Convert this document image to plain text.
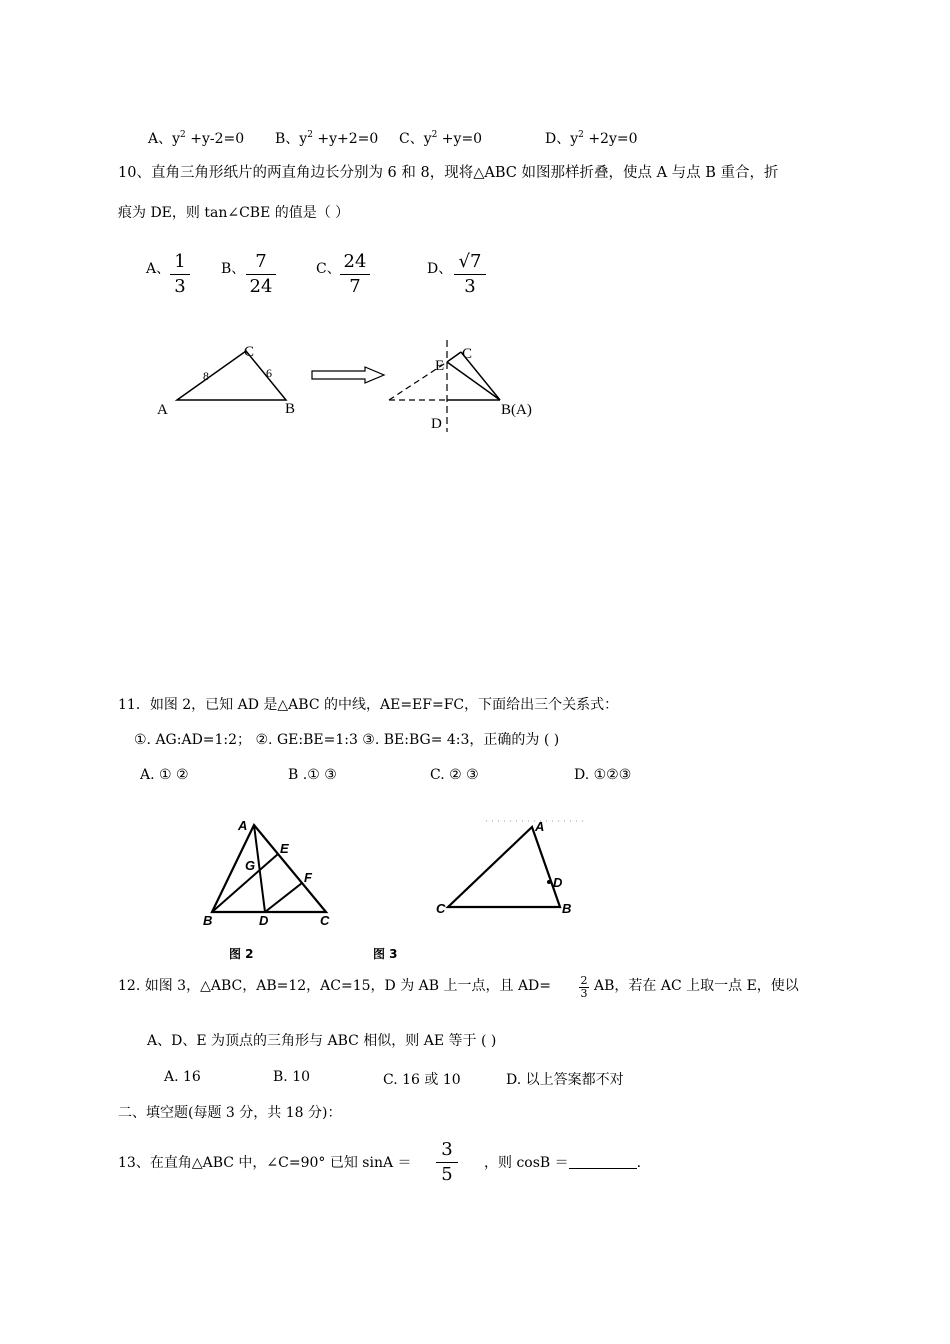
A、$y^2 +y-2=0$ B、$y^2 +y+2=0$ C、$y^2 +y=0$	D、$y^2 +2y=0$
10、直角三角形纸片的两直角边长分别为 6 和 8，现将△ABC 如图那样折叠，使点 A 与点 B 重合，折
痕为 DE，则 tan∠CBE 的值是（ ）
A、 $\frac{1}{3}$ B、 $\frac{7}{24}$	C、 $\frac{24}{7}$	D、 $\frac{√7}{3}$
A	B
C
8	6	E
C
D
B(A)
11．如图 2，已知 AD 是△ABC 的中线，AE=EF=FC，下面给出三个关系式：
①. AG:AD=1:2； ②. GE:BE=1:3 ③. BE:BG= 4:3，正确的为 ( )
A. ① ②	B .① ③	C. ② ③	D. ①②③
A
E
G
F
B	D	C
图 2
A
D
C	B
图 3
12. 如图 3，△ABC，AB=12，AC=15，D 为 AB 上一点，且 AD=	$\frac{2}{3}$ AB，若在 AC 上取一点 E，使以
A、D、E 为顶点的三角形与 ABC 相似，则 AE 等于 ( )
A. 16	B. 10	C. 16 或 10	D. 以上答案都不对
二、填空题(每题 3 分，共 18 分)：
13、在直角△ABC 中，∠C=90° 已知 $\sin A = \frac{3}{5}$ ，则 cosB ＝	.
